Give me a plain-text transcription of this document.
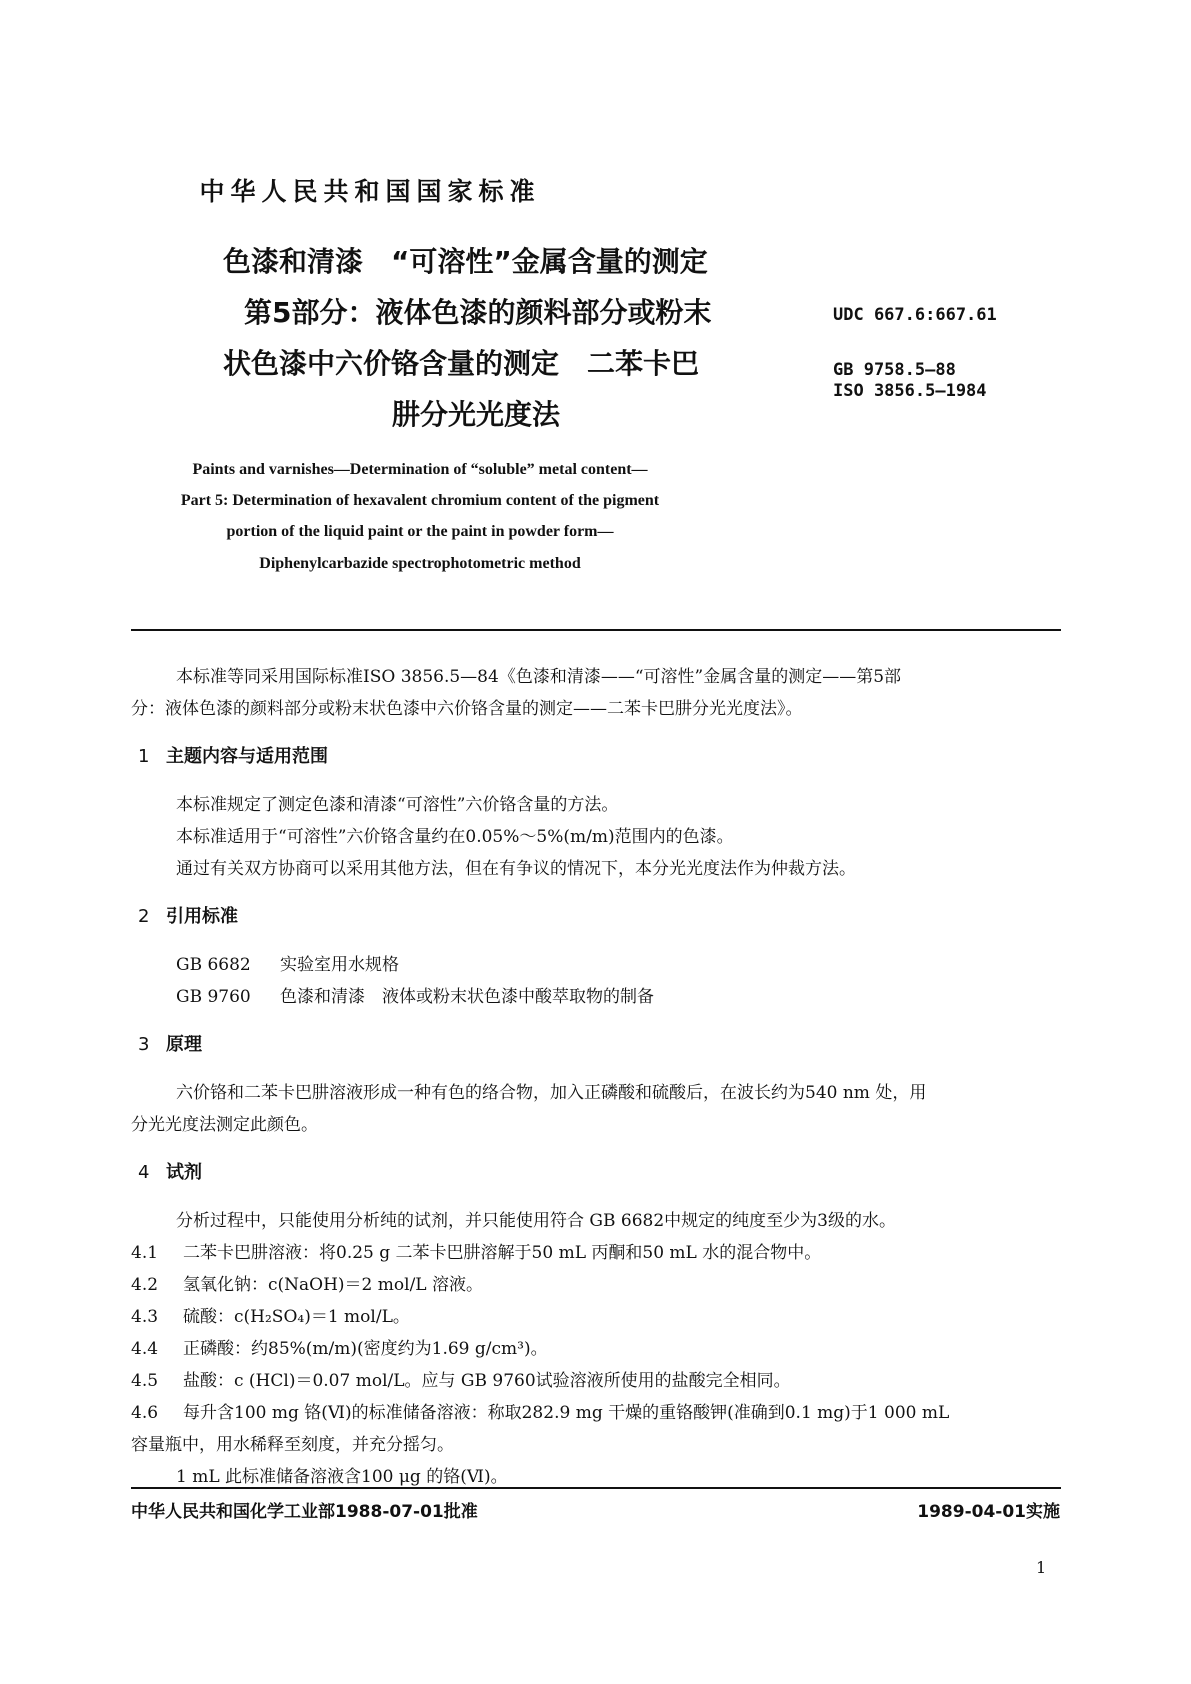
中华人民共和国国家标准
色漆和清漆　“可溶性”金属含量的测定
第5部分：液体色漆的颜料部分或粉末
状色漆中六价铬含量的测定　二苯卡巴
肼分光光度法
UDC 667.6:667.61
GB 9758.5—88
ISO 3856.5—1984
Paints and varnishes—Determination of “soluble” metal content—
Part 5: Determination of hexavalent chromium content of the pigment
portion of the liquid paint or the paint in powder form—
Diphenylcarbazide spectrophotometric method
本标准等同采用国际标准ISO 3856.5—84《色漆和清漆——“可溶性”金属含量的测定——第5部
分：液体色漆的颜料部分或粉末状色漆中六价铬含量的测定——二苯卡巴肼分光光度法》。
1 主题内容与适用范围
本标准规定了测定色漆和清漆“可溶性”六价铬含量的方法。
本标准适用于“可溶性”六价铬含量约在0.05%～5%(m/m)范围内的色漆。
通过有关双方协商可以采用其他方法，但在有争议的情况下，本分光光度法作为仲裁方法。
2 引用标准
GB 6682 实验室用水规格
GB 9760 色漆和清漆　液体或粉末状色漆中酸萃取物的制备
3 原理
六价铬和二苯卡巴肼溶液形成一种有色的络合物，加入正磷酸和硫酸后，在波长约为540 nm 处，用
分光光度法测定此颜色。
4 试剂
分析过程中，只能使用分析纯的试剂，并只能使用符合 GB 6682中规定的纯度至少为3级的水。
4.1 二苯卡巴肼溶液：将0.25 g 二苯卡巴肼溶解于50 mL 丙酮和50 mL 水的混合物中。
4.2 氢氧化钠：c(NaOH)＝2 mol/L 溶液。
4.3 硫酸：c(H₂SO₄)＝1 mol/L。
4.4 正磷酸：约85%(m/m)(密度约为1.69 g/cm³)。
4.5 盐酸：c (HCl)＝0.07 mol/L。应与 GB 9760试验溶液所使用的盐酸完全相同。
4.6 每升含100 mg 铬(Ⅵ)的标准储备溶液：称取282.9 mg 干燥的重铬酸钾(准确到0.1 mg)于1 000 mL
容量瓶中，用水稀释至刻度，并充分摇匀。
1 mL 此标准储备溶液含100 μg 的铬(Ⅵ)。
中华人民共和国化学工业部1988-07-01批准	1989-04-01实施
1
